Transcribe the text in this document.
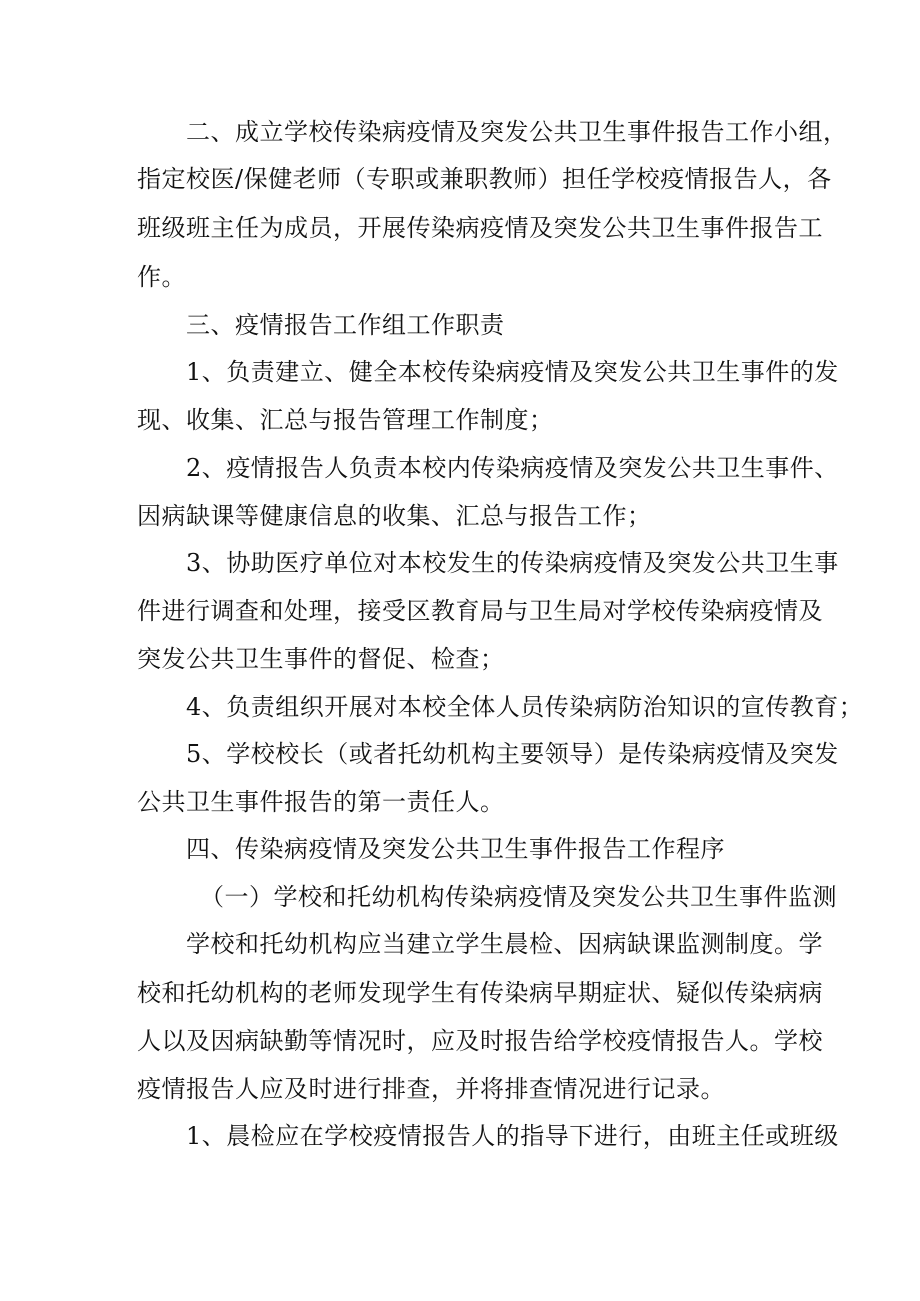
二、成立学校传染病疫情及突发公共卫生事件报告工作小组，
指定校医/保健老师（专职或兼职教师）担任学校疫情报告人，各
班级班主任为成员，开展传染病疫情及突发公共卫生事件报告工
作。
三、疫情报告工作组工作职责
1、负责建立、健全本校传染病疫情及突发公共卫生事件的发
现、收集、汇总与报告管理工作制度；
2、疫情报告人负责本校内传染病疫情及突发公共卫生事件、
因病缺课等健康信息的收集、汇总与报告工作；
3、协助医疗单位对本校发生的传染病疫情及突发公共卫生事
件进行调查和处理，接受区教育局与卫生局对学校传染病疫情及
突发公共卫生事件的督促、检查；
4、负责组织开展对本校全体人员传染病防治知识的宣传教育；
5、学校校长（或者托幼机构主要领导）是传染病疫情及突发
公共卫生事件报告的第一责任人。
四、传染病疫情及突发公共卫生事件报告工作程序
（一）学校和托幼机构传染病疫情及突发公共卫生事件监测
学校和托幼机构应当建立学生晨检、因病缺课监测制度。学
校和托幼机构的老师发现学生有传染病早期症状、疑似传染病病
人以及因病缺勤等情况时，应及时报告给学校疫情报告人。学校
疫情报告人应及时进行排查，并将排查情况进行记录。
1、晨检应在学校疫情报告人的指导下进行，由班主任或班级
